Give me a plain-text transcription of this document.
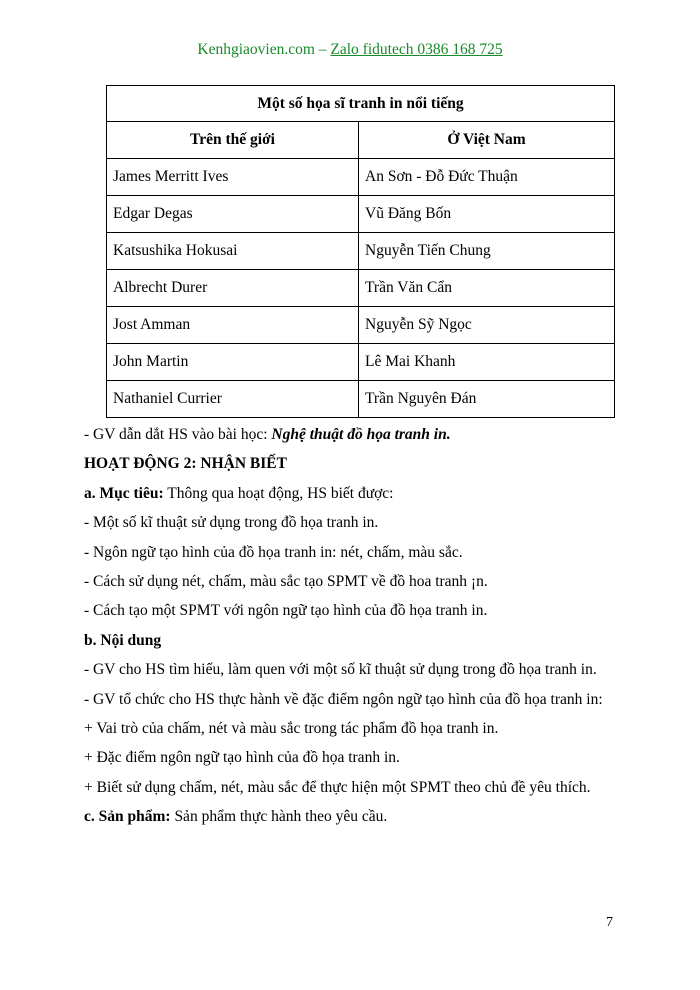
Kenhgiaovien.com – Zalo fidutech 0386 168 725
Một số họa sĩ tranh in nổi tiếng	
Trên thế giới	Ở Việt Nam
James Merritt Ives	An Sơn - Đỗ Đức Thuận
Edgar Degas	Vũ Đăng Bốn
Katsushika Hokusai	Nguyễn Tiến Chung
Albrecht Durer	Trần Văn Cẩn
Jost Amman	Nguyễn Sỹ Ngọc
John Martin	Lê Mai Khanh
Nathaniel Currier	Trần Nguyên Đán
- GV dẫn dắt HS vào bài học: Nghệ thuật đồ họa tranh in.
HOẠT ĐỘNG 2: NHẬN BIẾT
a. Mục tiêu: Thông qua hoạt động, HS biết được:
- Một số kĩ thuật sử dụng trong đồ họa tranh in.
- Ngôn ngữ tạo hình của đồ họa tranh in: nét, chấm, màu sắc.
- Cách sử dụng nét, chấm, màu sắc tạo SPMT về đồ hoa tranh ¡n.
- Cách tạo một SPMT với ngôn ngữ tạo hình của đồ họa tranh in.
b. Nội dung
- GV cho HS tìm hiểu, làm quen với một số kĩ thuật sử dụng trong đồ họa tranh in.
- GV tổ chức cho HS thực hành về đặc điểm ngôn ngữ tạo hình của đồ họa tranh in:
+ Vai trò của chấm, nét và màu sắc trong tác phẩm đồ họa tranh in.
+ Đặc điểm ngôn ngữ tạo hình của đồ họa tranh in.
+ Biết sử dụng chấm, nét, màu sắc để thực hiện một SPMT theo chủ đề yêu thích.
c. Sản phẩm: Sản phẩm thực hành theo yêu cầu.
7
